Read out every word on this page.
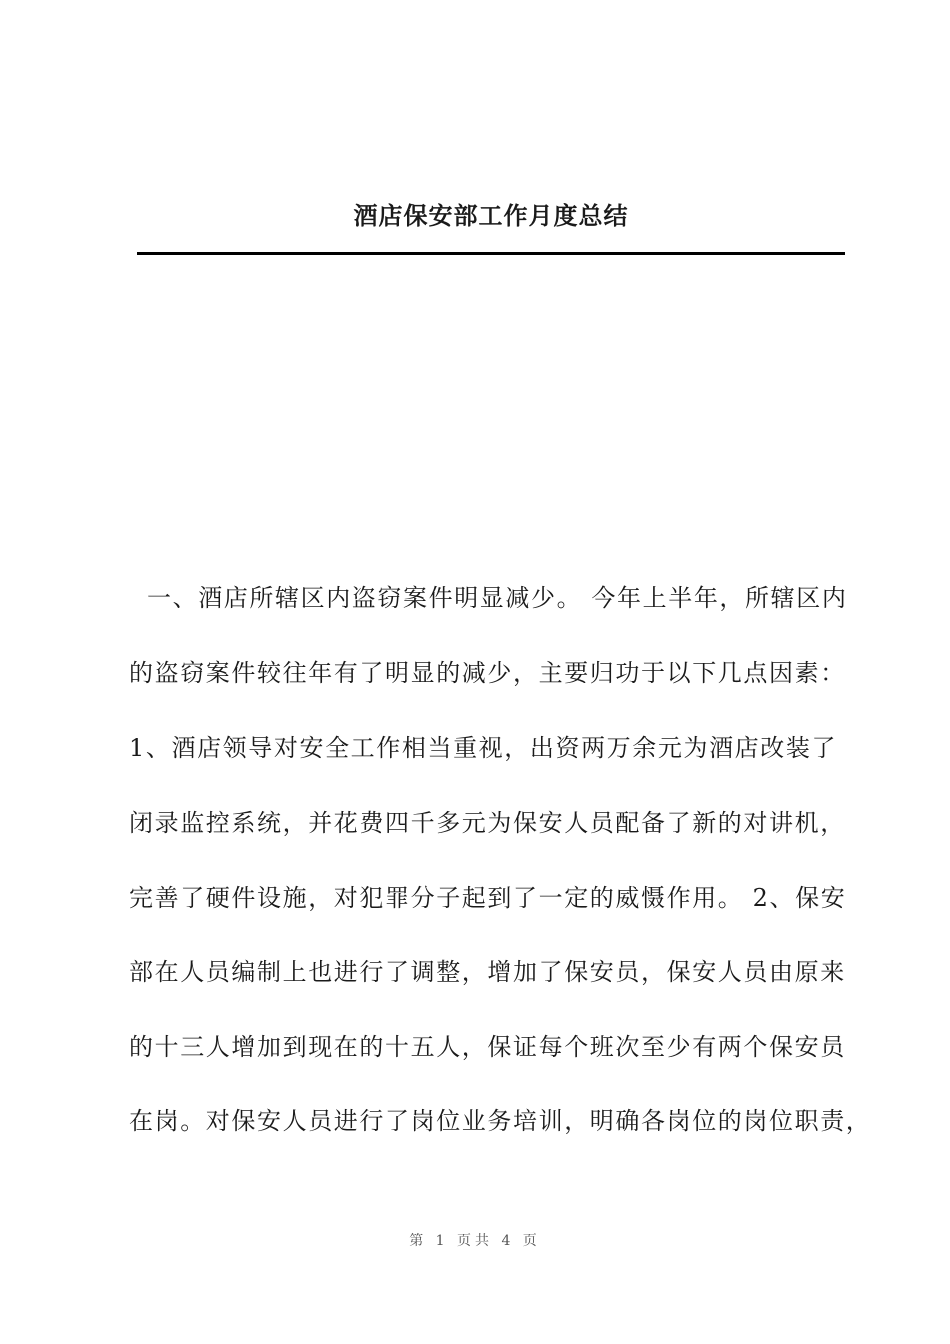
酒店保安部工作月度总结
一、酒店所辖区内盗窃案件明显减少。 今年上半年，所辖区内
的盗窃案件较往年有了明显的减少，主要归功于以下几点因素：
1、酒店领导对安全工作相当重视，出资两万余元为酒店改装了
闭录监控系统，并花费四千多元为保安人员配备了新的对讲机，
完善了硬件设施，对犯罪分子起到了一定的威慑作用。 2、保安
部在人员编制上也进行了调整，增加了保安员，保安人员由原来
的十三人增加到现在的十五人，保证每个班次至少有两个保安员
在岗。对保安人员进行了岗位业务培训，明确各岗位的岗位职责，
第 1 页共 4 页
